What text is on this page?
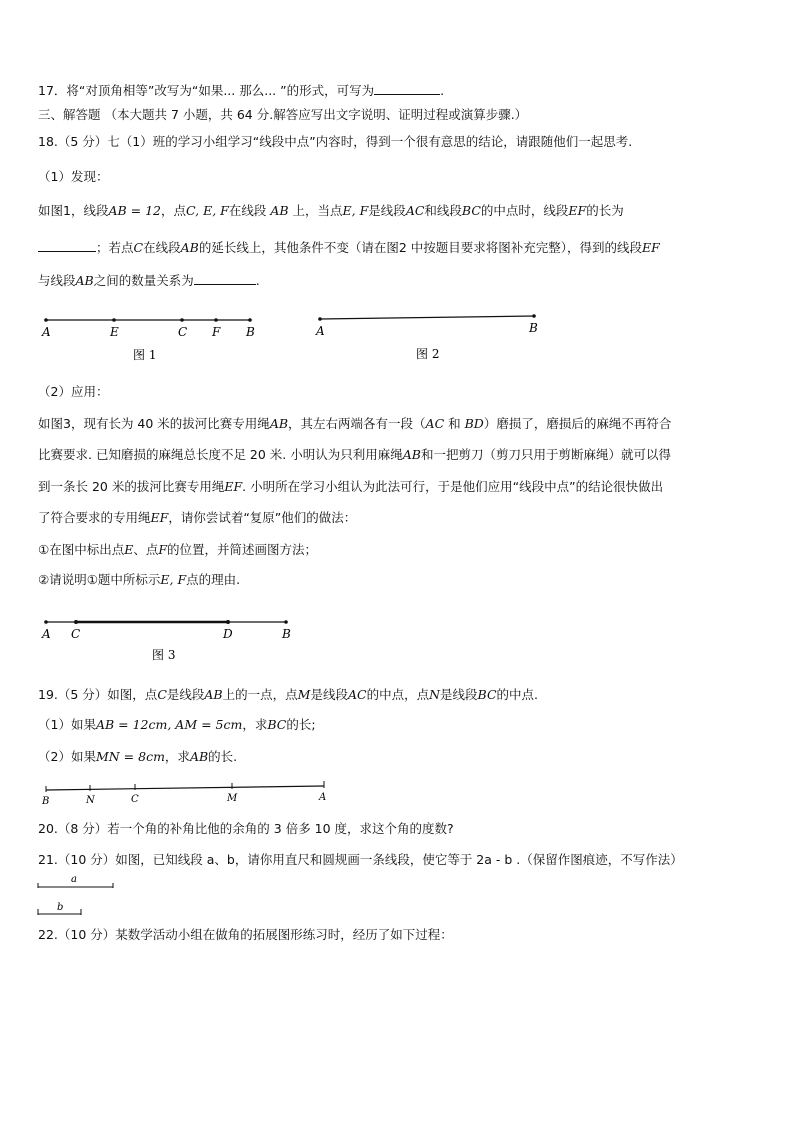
17．将“对顶角相等”改写为“如果... 那么... ”的形式，可写为	.
三、解答题 （本大题共 7 小题，共 64 分.解答应写出文字说明、证明过程或演算步骤.）
18.（5 分）七（1）班的学习小组学习“线段中点”内容时，得到一个很有意思的结论，请跟随他们一起思考.
（1）发现：
如图1，线段AB = 12，点C, E, F在线段 AB 上，当点E, F是线段AC和线段BC的中点时，线段EF的长为
；若点C在线段AB的延长线上，其他条件不变（请在图2 中按题目要求将图补充完整），得到的线段EF
与线段AB之间的数量关系为	.
A	E	C F B
图 1
A	B
图 2
（2）应用：
如图3，现有长为 40 米的拔河比赛专用绳AB，其左右两端各有一段（AC 和 BD）磨损了，磨损后的麻绳不再符合
比赛要求. 已知磨损的麻绳总长度不足 20 米. 小明认为只利用麻绳AB和一把剪刀（剪刀只用于剪断麻绳）就可以得
到一条长 20 米的拔河比赛专用绳EF. 小明所在学习小组认为此法可行，于是他们应用“线段中点”的结论很快做出
了符合要求的专用绳EF，请你尝试着“复原”他们的做法：
①在图中标出点E、点F的位置，并简述画图方法；
②请说明①题中所标示E, F点的理由.
A C	D	B
图 3
19.（5 分）如图，点C是线段AB上的一点，点M是线段AC的中点，点N是线段BC的中点.
（1）如果AB = 12cm, AM = 5cm，求BC的长;
（2）如果MN = 8cm，求AB的长.
B	N	C	M	A
20.（8 分）若一个角的补角比他的余角的 3 倍多 10 度，求这个角的度数?
21.（10 分）如图，已知线段 a、b，请你用直尺和圆规画一条线段，使它等于 2a - b .（保留作图痕迹，不写作法）
a
b
22.（10 分）某数学活动小组在做角的拓展图形练习时，经历了如下过程：
